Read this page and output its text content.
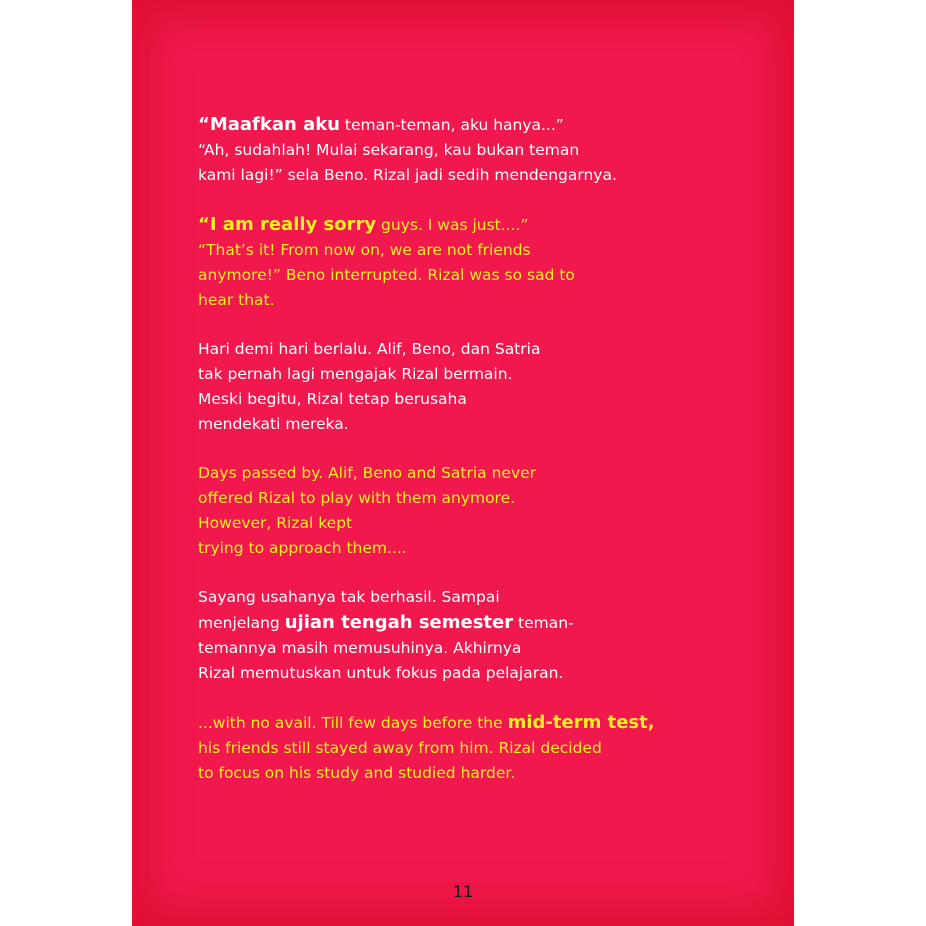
“Maafkan aku teman-teman, aku hanya...”
“Ah, sudahlah! Mulai sekarang, kau bukan teman
kami lagi!” sela Beno. Rizal jadi sedih mendengarnya.

“I am really sorry guys. I was just....”
“That’s it! From now on, we are not friends
anymore!” Beno interrupted. Rizal was so sad to
hear that.

Hari demi hari berlalu. Alif, Beno, dan Satria
tak pernah lagi mengajak Rizal bermain.
Meski begitu, Rizal tetap berusaha
mendekati mereka.

Days passed by. Alif, Beno and Satria never
offered Rizal to play with them anymore.
However, Rizal kept
trying to approach them....

Sayang usahanya tak berhasil. Sampai
menjelang ujian tengah semester teman-
temannya masih memusuhinya. Akhirnya
Rizal memutuskan untuk fokus pada pelajaran.

...with no avail. Till few days before the mid-term test,
his friends still stayed away from him. Rizal decided
to focus on his study and studied harder.

11
